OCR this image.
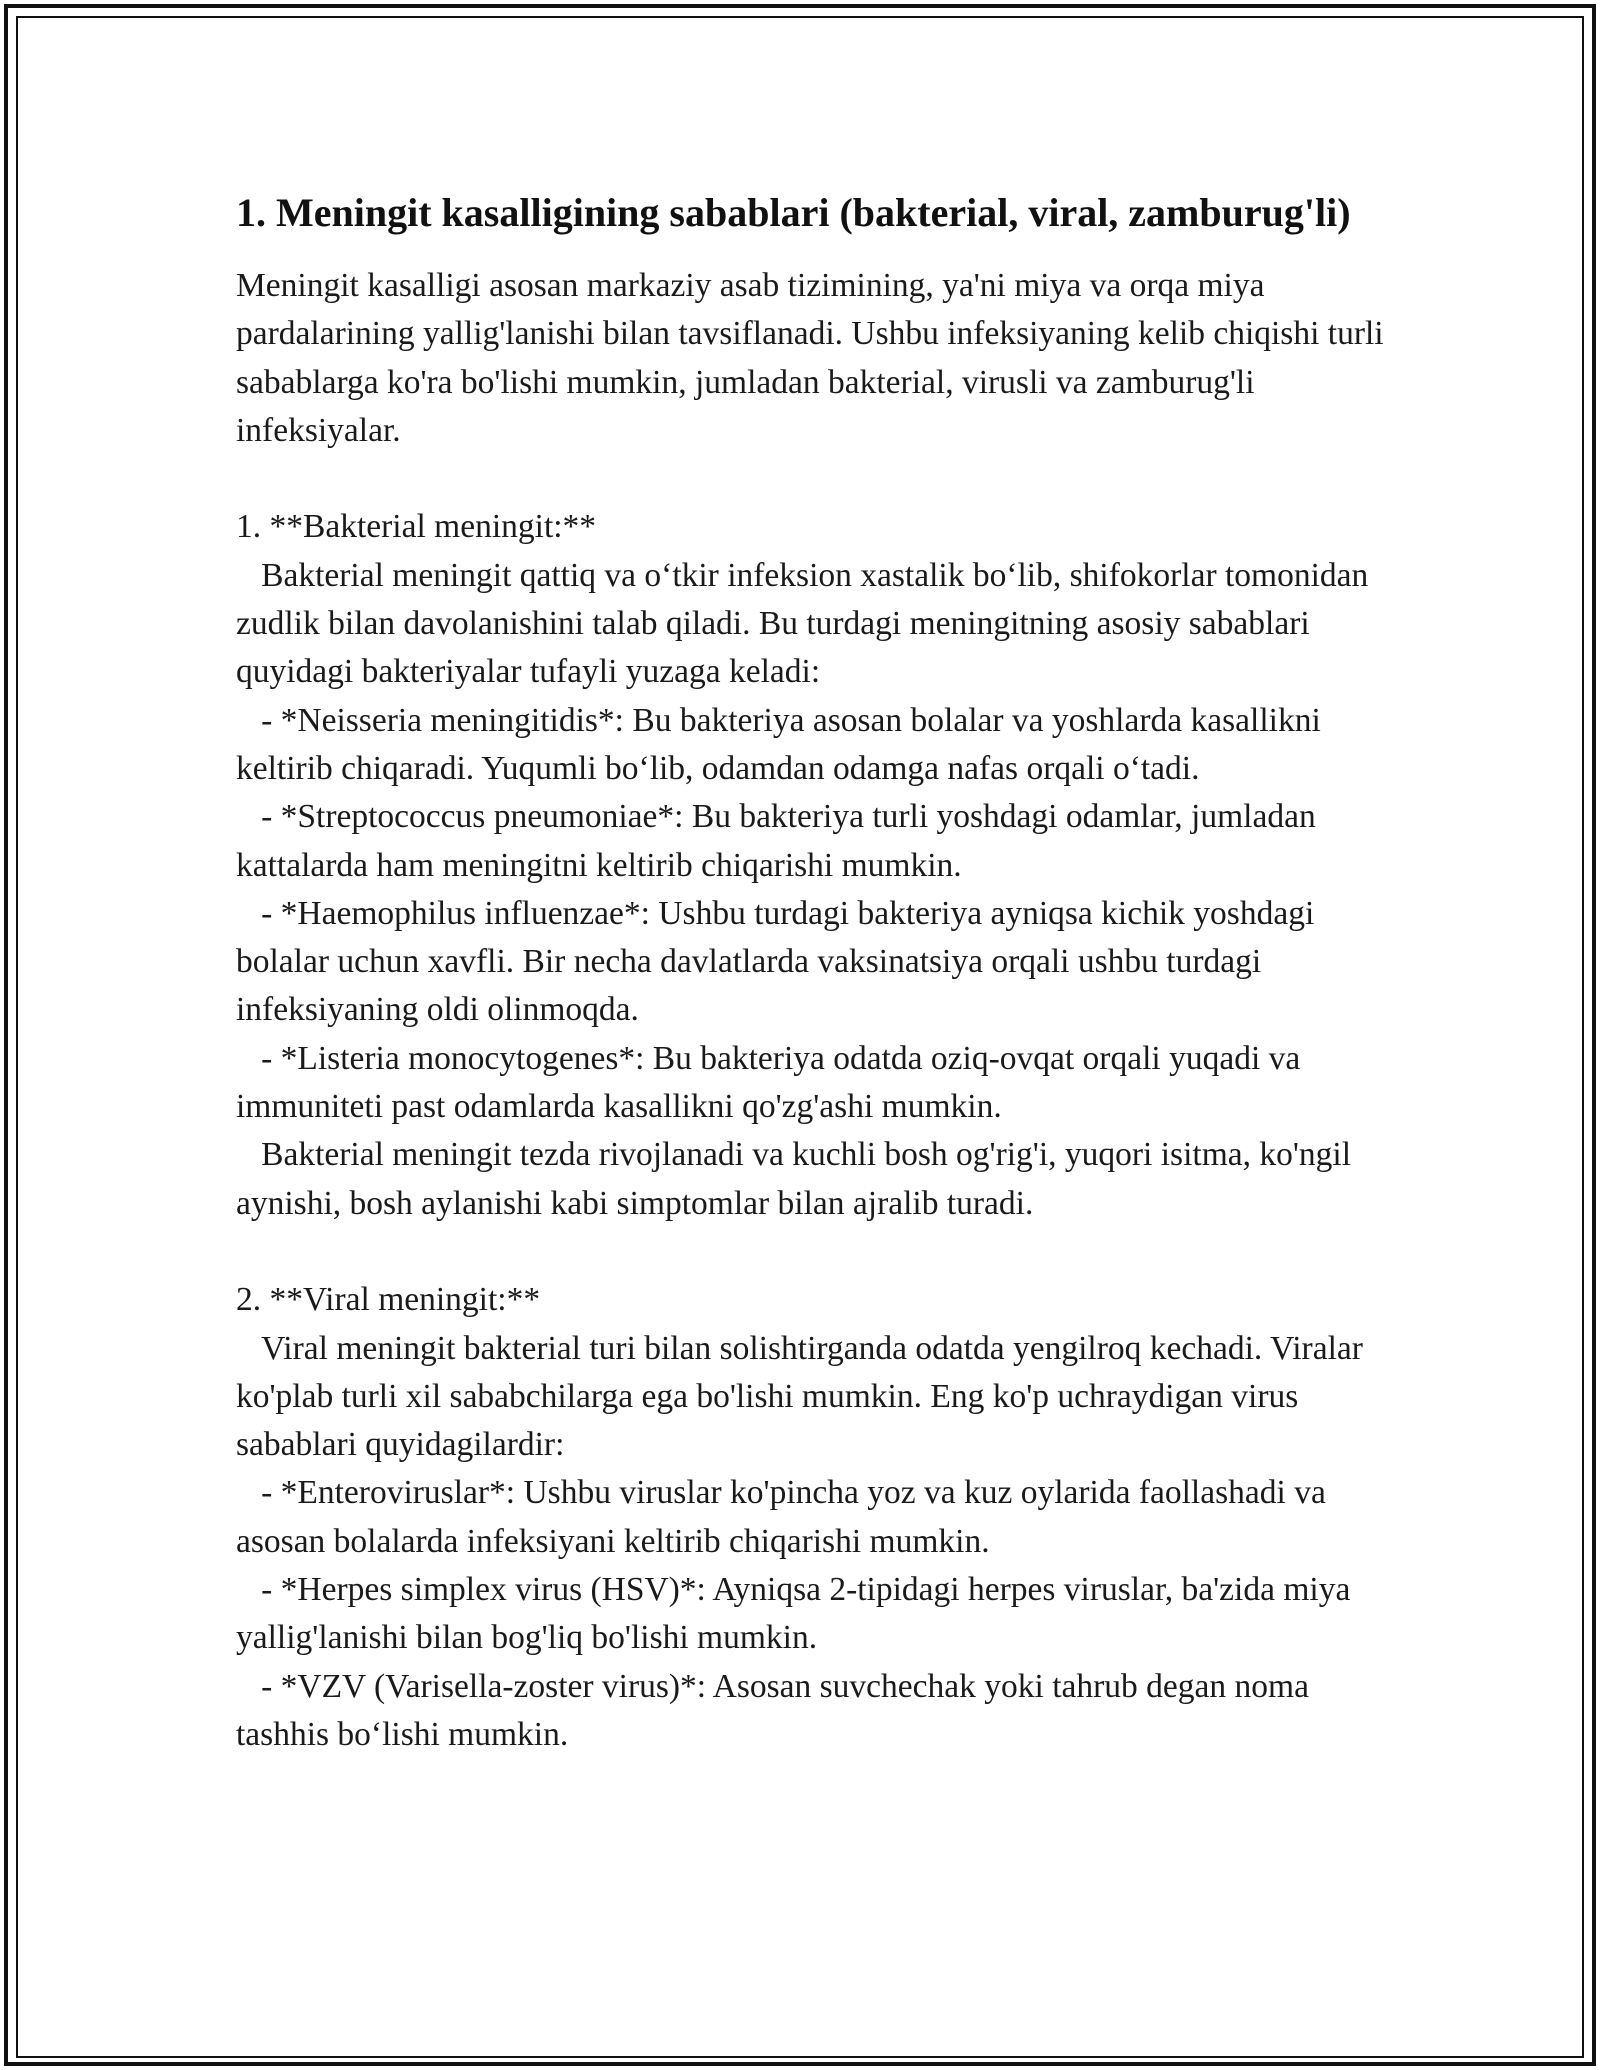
1. Meningit kasalligining sabablari (bakterial, viral, zamburug'li)

Meningit kasalligi asosan markaziy asab tizimining, ya'ni miya va orqa miya pardalarining yallig'lanishi bilan tavsiflanadi. Ushbu infeksiyaning kelib chiqishi turli sabablarga ko'ra bo'lishi mumkin, jumladan bakterial, virusli va zamburug'li infeksiyalar.

1. **Bakterial meningit:**
Bakterial meningit qattiq va o‘tkir infeksion xastalik bo‘lib, shifokorlar tomonidan zudlik bilan davolanishini talab qiladi. Bu turdagi meningitning asosiy sabablari quyidagi bakteriyalar tufayli yuzaga keladi:
- *Neisseria meningitidis*: Bu bakteriya asosan bolalar va yoshlarda kasallikni keltirib chiqaradi. Yuqumli bo‘lib, odamdan odamga nafas orqali o‘tadi.
- *Streptococcus pneumoniae*: Bu bakteriya turli yoshdagi odamlar, jumladan kattalarda ham meningitni keltirib chiqarishi mumkin.
- *Haemophilus influenzae*: Ushbu turdagi bakteriya ayniqsa kichik yoshdagi bolalar uchun xavfli. Bir necha davlatlarda vaksinatsiya orqali ushbu turdagi infeksiyaning oldi olinmoqda.
- *Listeria monocytogenes*: Bu bakteriya odatda oziq-ovqat orqali yuqadi va immuniteti past odamlarda kasallikni qo'zg'ashi mumkin.
Bakterial meningit tezda rivojlanadi va kuchli bosh og'rig'i, yuqori isitma, ko'ngil aynishi, bosh aylanishi kabi simptomlar bilan ajralib turadi.

2. **Viral meningit:**
Viral meningit bakterial turi bilan solishtirganda odatda yengilroq kechadi. Viralar ko'plab turli xil sababchilarga ega bo'lishi mumkin. Eng ko'p uchraydigan virus sabablari quyidagilardir:
- *Enteroviruslar*: Ushbu viruslar ko'pincha yoz va kuz oylarida faollashadi va asosan bolalarda infeksiyani keltirib chiqarishi mumkin.
- *Herpes simplex virus (HSV)*: Ayniqsa 2-tipidagi herpes viruslar, ba'zida miya yallig'lanishi bilan bog'liq bo'lishi mumkin.
- *VZV (Varisella-zoster virus)*: Asosan suvchechak yoki tahrub degan noma tashhis bo‘lishi mumkin.
